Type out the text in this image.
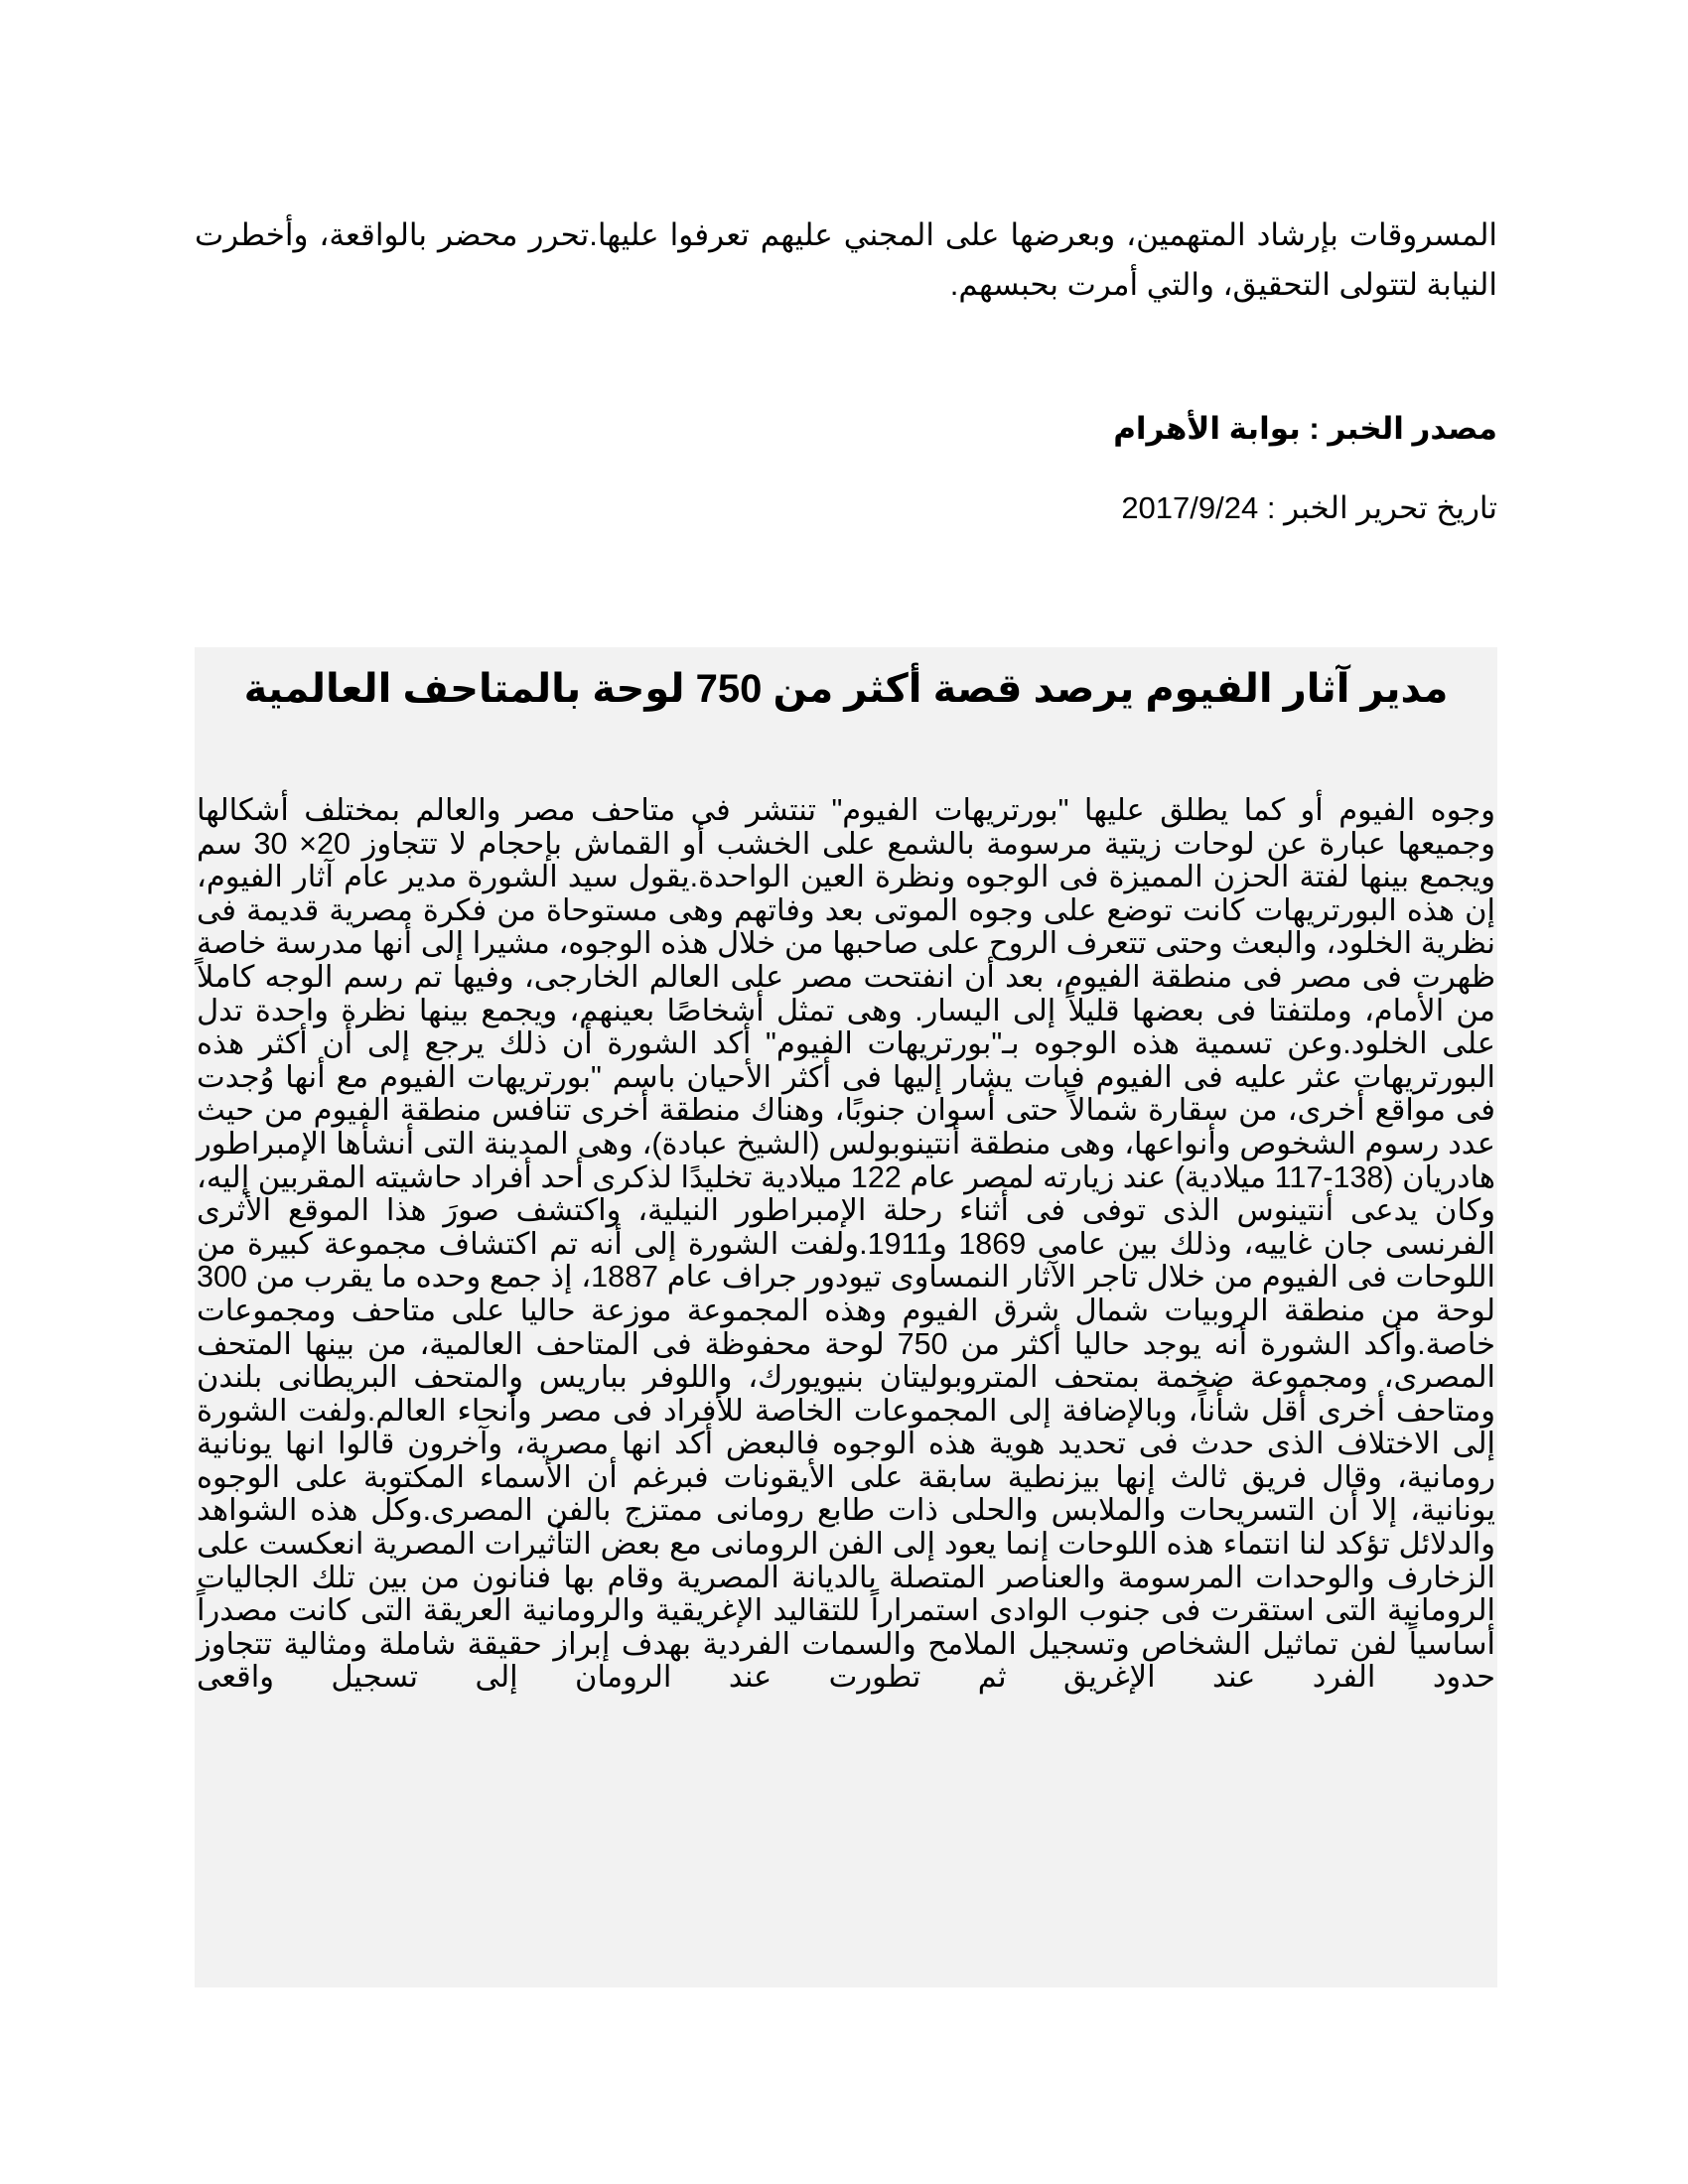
المسروقات بإرشاد المتهمين، وبعرضها على المجني عليهم تعرفوا عليها.تحرر محضر بالواقعة، وأخطرت النيابة لتتولى التحقيق، والتي أمرت بحبسهم.

مصدر الخبر : بوابة الأهرام

تاريخ تحرير الخبر : 2017/9/24

مدير آثار الفيوم يرصد قصة أكثر من 750 لوحة بالمتاحف العالمية

وجوه الفيوم أو كما يطلق عليها "بورتريهات الفيوم" تنتشر فى متاحف مصر والعالم بمختلف أشكالها وجميعها عبارة عن لوحات زيتية مرسومة بالشمع على الخشب أو القماش بإحجام لا تتجاوز 20× 30 سم ويجمع بينها لفتة الحزن المميزة فى الوجوه ونظرة العين الواحدة.يقول سيد الشورة مدير عام آثار الفيوم، إن هذه البورتريهات كانت توضع على وجوه الموتى بعد وفاتهم وهى مستوحاة من فكرة مصرية قديمة فى نظرية الخلود، والبعث وحتى تتعرف الروح على صاحبها من خلال هذه الوجوه، مشيرا إلى أنها مدرسة خاصة ظهرت فى مصر فى منطقة الفيوم، بعد أن انفتحت مصر على العالم الخارجى، وفيها تم رسم الوجه كاملاً من الأمام، وملتفتا فى بعضها قليلاً إلى اليسار. وهى تمثل أشخاصًا بعينهم، ويجمع بينها نظرة واحدة تدل على الخلود.وعن تسمية هذه الوجوه بـ"بورتريهات الفيوم" أكد الشورة أن ذلك يرجع إلى أن أكثر هذه البورتريهات عثر عليه فى الفيوم فبات يشار إليها فى أكثر الأحيان باسم "بورتريهات الفيوم مع أنها وُجدت فى مواقع أخرى، من سقارة شمالاً حتى أسوان جنوبًا، وهناك منطقة أخرى تنافس منطقة الفيوم من حيث عدد رسوم الشخوص وأنواعها، وهى منطقة أنتينوبولس (الشيخ عبادة)، وهى المدينة التى أنشأها الإمبراطور هادريان (138-117 ميلادية) عند زيارته لمصر عام 122 ميلادية تخليدًا لذكرى أحد أفراد حاشيته المقربين إليه، وكان يدعى أنتينوس الذى توفى فى أثناء رحلة الإمبراطور النيلية، واكتشف صورَ هذا الموقع الأثرى الفرنسى جان غاييه، وذلك بين عامى 1869 و1911.ولفت الشورة إلى أنه تم اكتشاف مجموعة كبيرة من اللوحات فى الفيوم من خلال تاجر الآثار النمساوى تيودور جراف عام 1887، إذ جمع وحده ما يقرب من 300 لوحة من منطقة الروبيات شمال شرق الفيوم وهذه المجموعة موزعة حاليا على متاحف ومجموعات خاصة.وأكد الشورة أنه يوجد حاليا أكثر من 750 لوحة محفوظة فى المتاحف العالمية، من بينها المتحف المصرى، ومجموعة ضخمة بمتحف المتروبوليتان بنيويورك، واللوفر بباريس والمتحف البريطانى بلندن ومتاحف أخرى أقل شأناً، وبالإضافة إلى المجموعات الخاصة للأفراد فى مصر وأنحاء العالم.ولفت الشورة إلى الاختلاف الذى حدث فى تحديد هوية هذه الوجوه فالبعض أكد انها مصرية، وآخرون قالوا انها يونانية رومانية، وقال فريق ثالث إنها بيزنطية سابقة على الأيقونات فبرغم أن الأسماء المكتوبة على الوجوه يونانية، إلا أن التسريحات والملابس والحلى ذات طابع رومانى ممتزج بالفن المصرى.وكل هذه الشواهد والدلائل تؤكد لنا انتماء هذه اللوحات إنما يعود إلى الفن الرومانى مع بعض التأثيرات المصرية انعكست على الزخارف والوحدات المرسومة والعناصر المتصلة بالديانة المصرية وقام بها فنانون من بين تلك الجاليات الرومانية التى استقرت فى جنوب الوادى استمراراً للتقاليد الإغريقية والرومانية العريقة التى كانت مصدراً أساسياً لفن تماثيل الشخاص وتسجيل الملامح والسمات الفردية بهدف إبراز حقيقة شاملة ومثالية تتجاوز حدود الفرد عند الإغريق ثم تطورت عند الرومان إلى تسجيل واقعى
